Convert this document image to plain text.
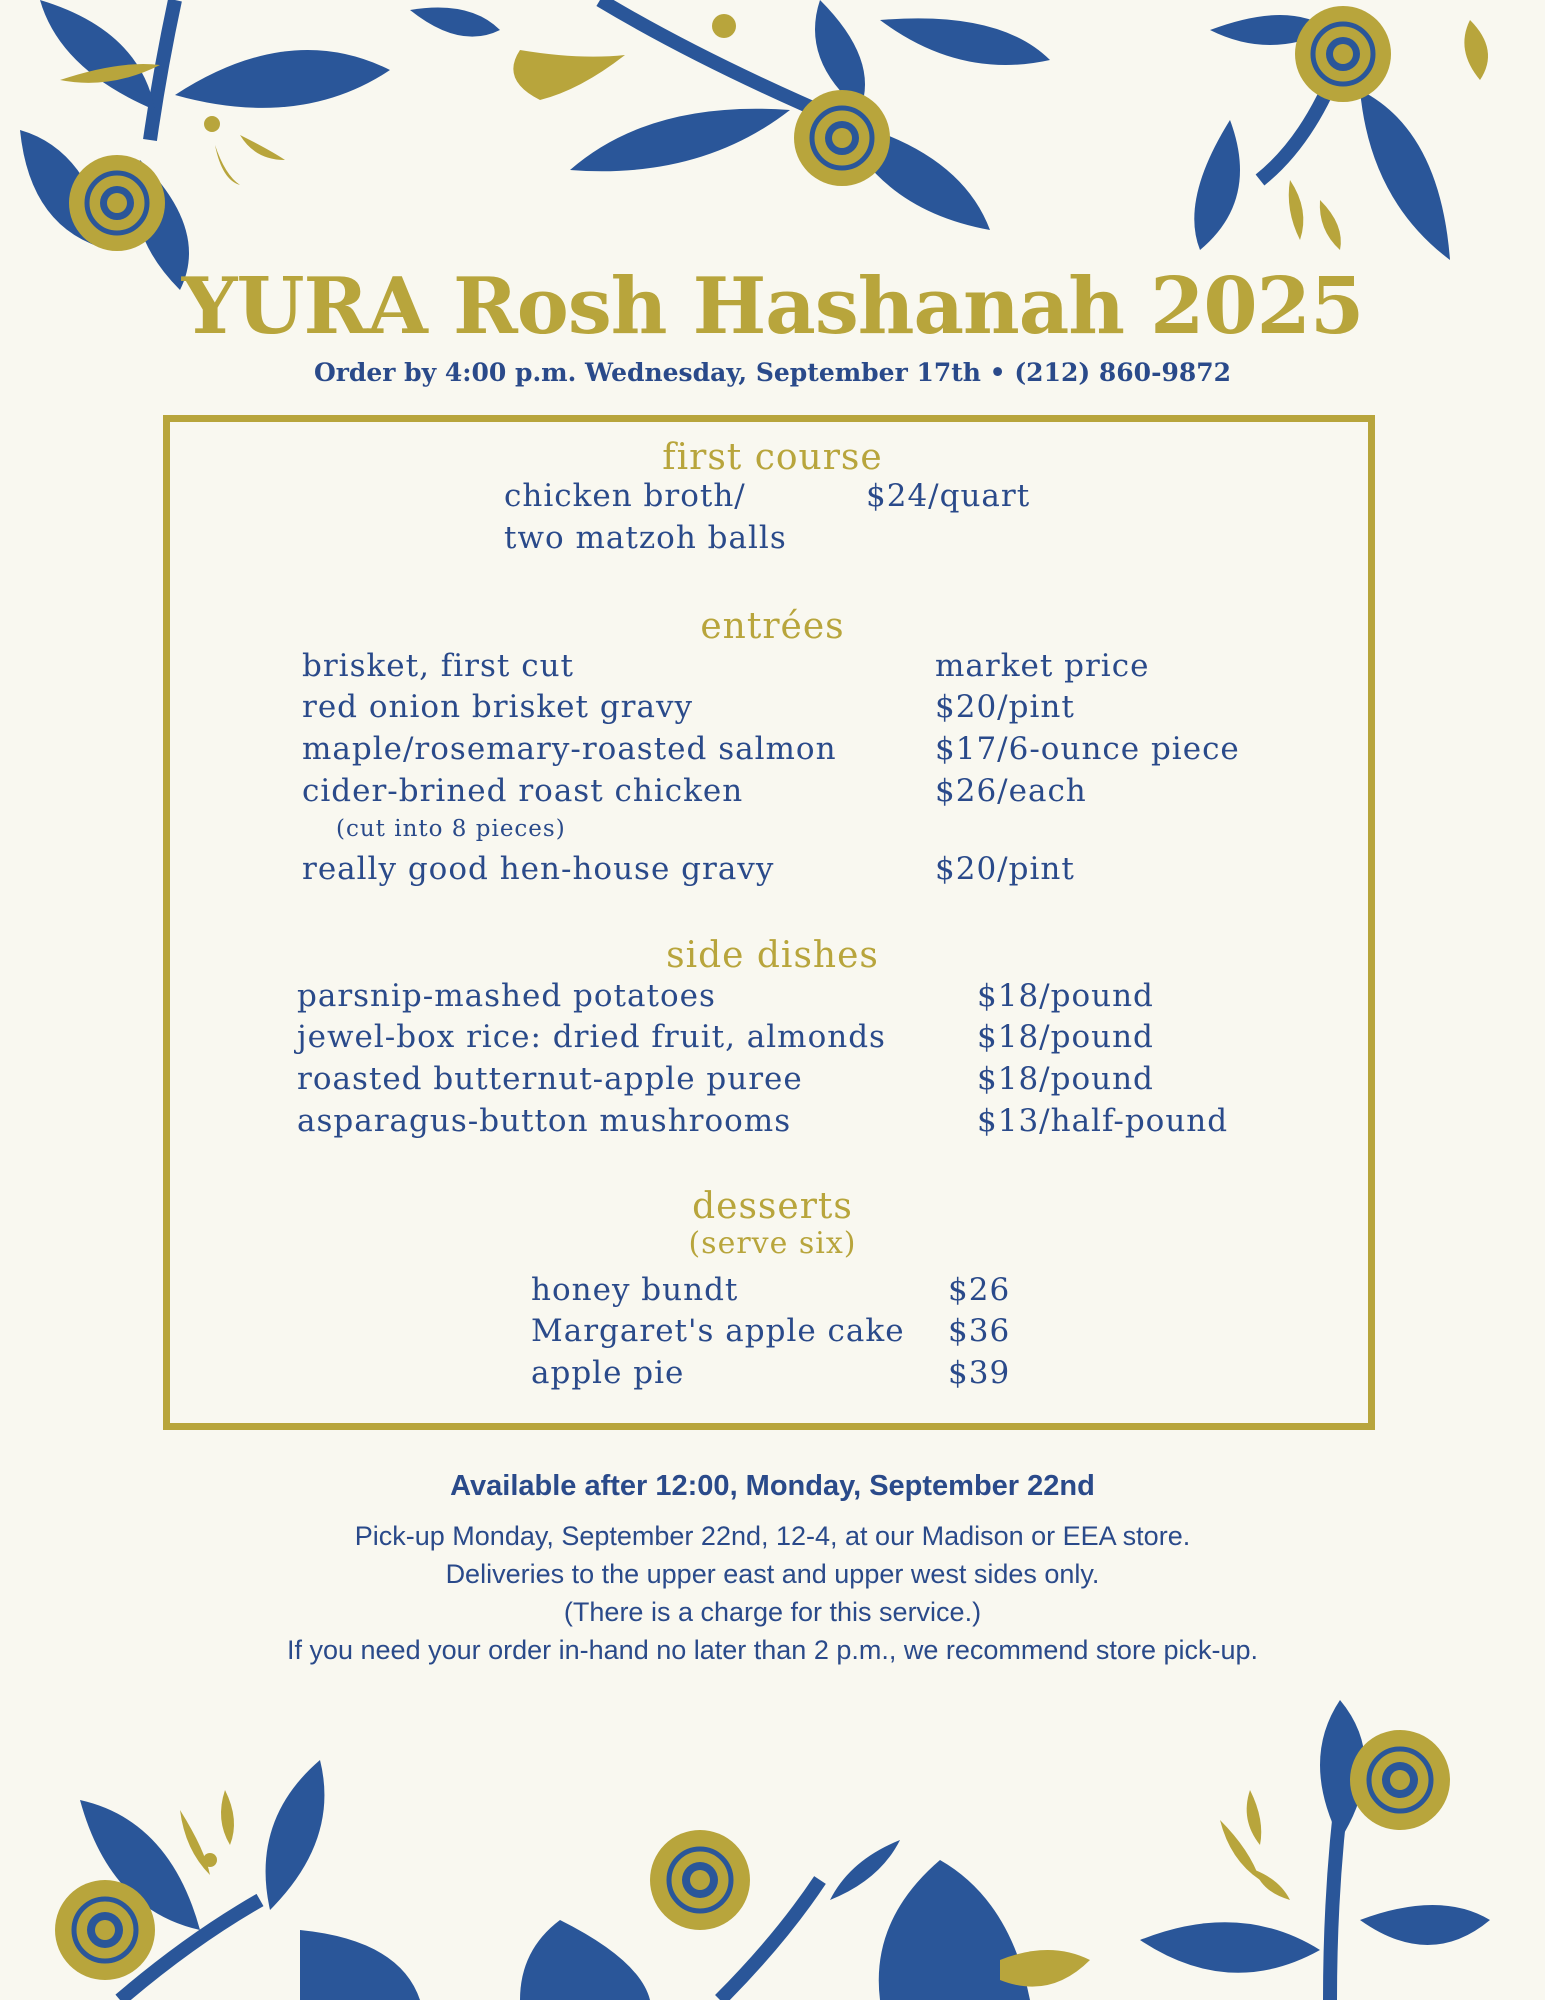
YURA Rosh Hashanah 2025
Order by 4:00 p.m. Wednesday, September 17th • (212) 860-9872
first course
chicken broth/
two matzoh balls
$24/quart
entrées
brisket, first cut	market price
red onion brisket gravy	$20/pint
maple/rosemary-roasted salmon	$17/6-ounce piece
cider-brined roast chicken	$26/each
(cut into 8 pieces)
really good hen-house gravy	$20/pint
side dishes
parsnip-mashed potatoes	$18/pound
jewel-box rice: dried fruit, almonds	$18/pound
roasted butternut-apple puree	$18/pound
asparagus-button mushrooms	$13/half-pound
desserts
(serve six)
honey bundt	$26
Margaret's apple cake $36
apple pie	$39
Available after 12:00, Monday, September 22nd
Pick-up Monday, September 22nd, 12-4, at our Madison or EEA store.
Deliveries to the upper east and upper west sides only.
(There is a charge for this service.)
If you need your order in-hand no later than 2 p.m., we recommend store pick-up.
